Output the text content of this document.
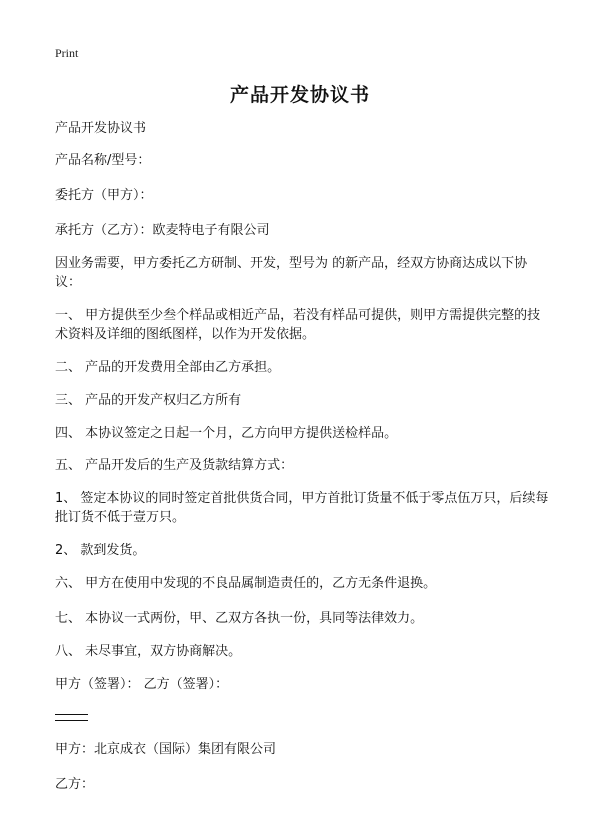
Print
产品开发协议书

产品开发协议书

产品名称/型号：

委托方（甲方）：

承托方（乙方）：欧麦特电子有限公司

因业务需要，甲方委托乙方研制、开发，型号为 的新产品，经双方协商达成以下协议：

一、 甲方提供至少叁个样品或相近产品，若没有样品可提供，则甲方需提供完整的技术资料及详细的图纸图样，以作为开发依据。

二、 产品的开发费用全部由乙方承担。

三、 产品的开发产权归乙方所有

四、 本协议签定之日起一个月，乙方向甲方提供送检样品。

五、 产品开发后的生产及货款结算方式：

1、 签定本协议的同时签定首批供货合同，甲方首批订货量不低于零点伍万只，后续每批订货不低于壹万只。

2、 款到发货。

六、 甲方在使用中发现的不良品属制造责任的，乙方无条件退换。

七、 本协议一式两份，甲、乙双方各执一份，具同等法律效力。

八、 未尽事宜，双方协商解决。

甲方（签署）： 乙方（签署）：

甲方：北京成衣（国际）集团有限公司

乙方：
